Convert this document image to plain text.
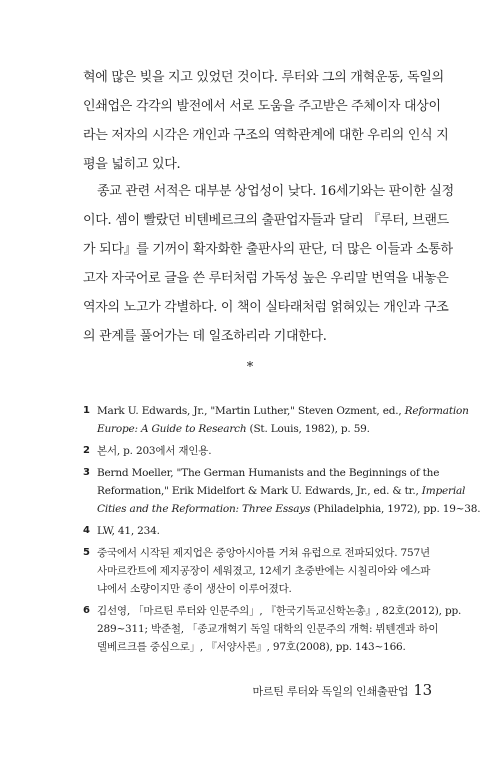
혁에 많은 빚을 지고 있었던 것이다. 루터와 그의 개혁운동, 독일의
인쇄업은 각각의 발전에서 서로 도움을 주고받은 주체이자 대상이
라는 저자의 시각은 개인과 구조의 역학관계에 대한 우리의 인식 지
평을 넓히고 있다.
종교 관련 서적은 대부분 상업성이 낮다. 16세기와는 판이한 실정
이다. 셈이 빨랐던 비텐베르크의 출판업자들과 달리 『루터, 브랜드
가 되다』를 기꺼이 확자화한 출판사의 판단, 더 많은 이들과 소통하
고자 자국어로 글을 쓴 루터처럼 가독성 높은 우리말 번역을 내놓은
역자의 노고가 각별하다. 이 책이 실타래처럼 얽혀있는 개인과 구조
의 관계를 풀어가는 데 일조하리라 기대한다.
*
1 Mark U. Edwards, Jr., "Martin Luther," Steven Ozment, ed., Reformation
Europe: A Guide to Research (St. Louis, 1982), p. 59.
2 본서, p. 203에서 재인용.
3 Bernd Moeller, "The German Humanists and the Beginnings of the
Reformation," Erik Midelfort & Mark U. Edwards, Jr., ed. & tr., Imperial
Cities and the Reformation: Three Essays (Philadelphia, 1972), pp. 19~38.
4 LW, 41, 234.
5 중국에서 시작된 제지업은 중앙아시아를 거쳐 유럽으로 전파되었다. 757년
사마르칸트에 제지공장이 세워졌고, 12세기 초중반에는 시칠리아와 에스파
냐에서 소량이지만 종이 생산이 이루어졌다.
6 김선영, 「마르틴 루터와 인문주의」, 『한국기독교신학논총』, 82호(2012), pp.
289~311; 박준철, 「종교개혁기 독일 대학의 인문주의 개혁: 뷔텐겐과 하이
델베르크를 중심으로」, 『서양사론』, 97호(2008), pp. 143~166.
마르틴 루터와 독일의 인쇄출판업 13
